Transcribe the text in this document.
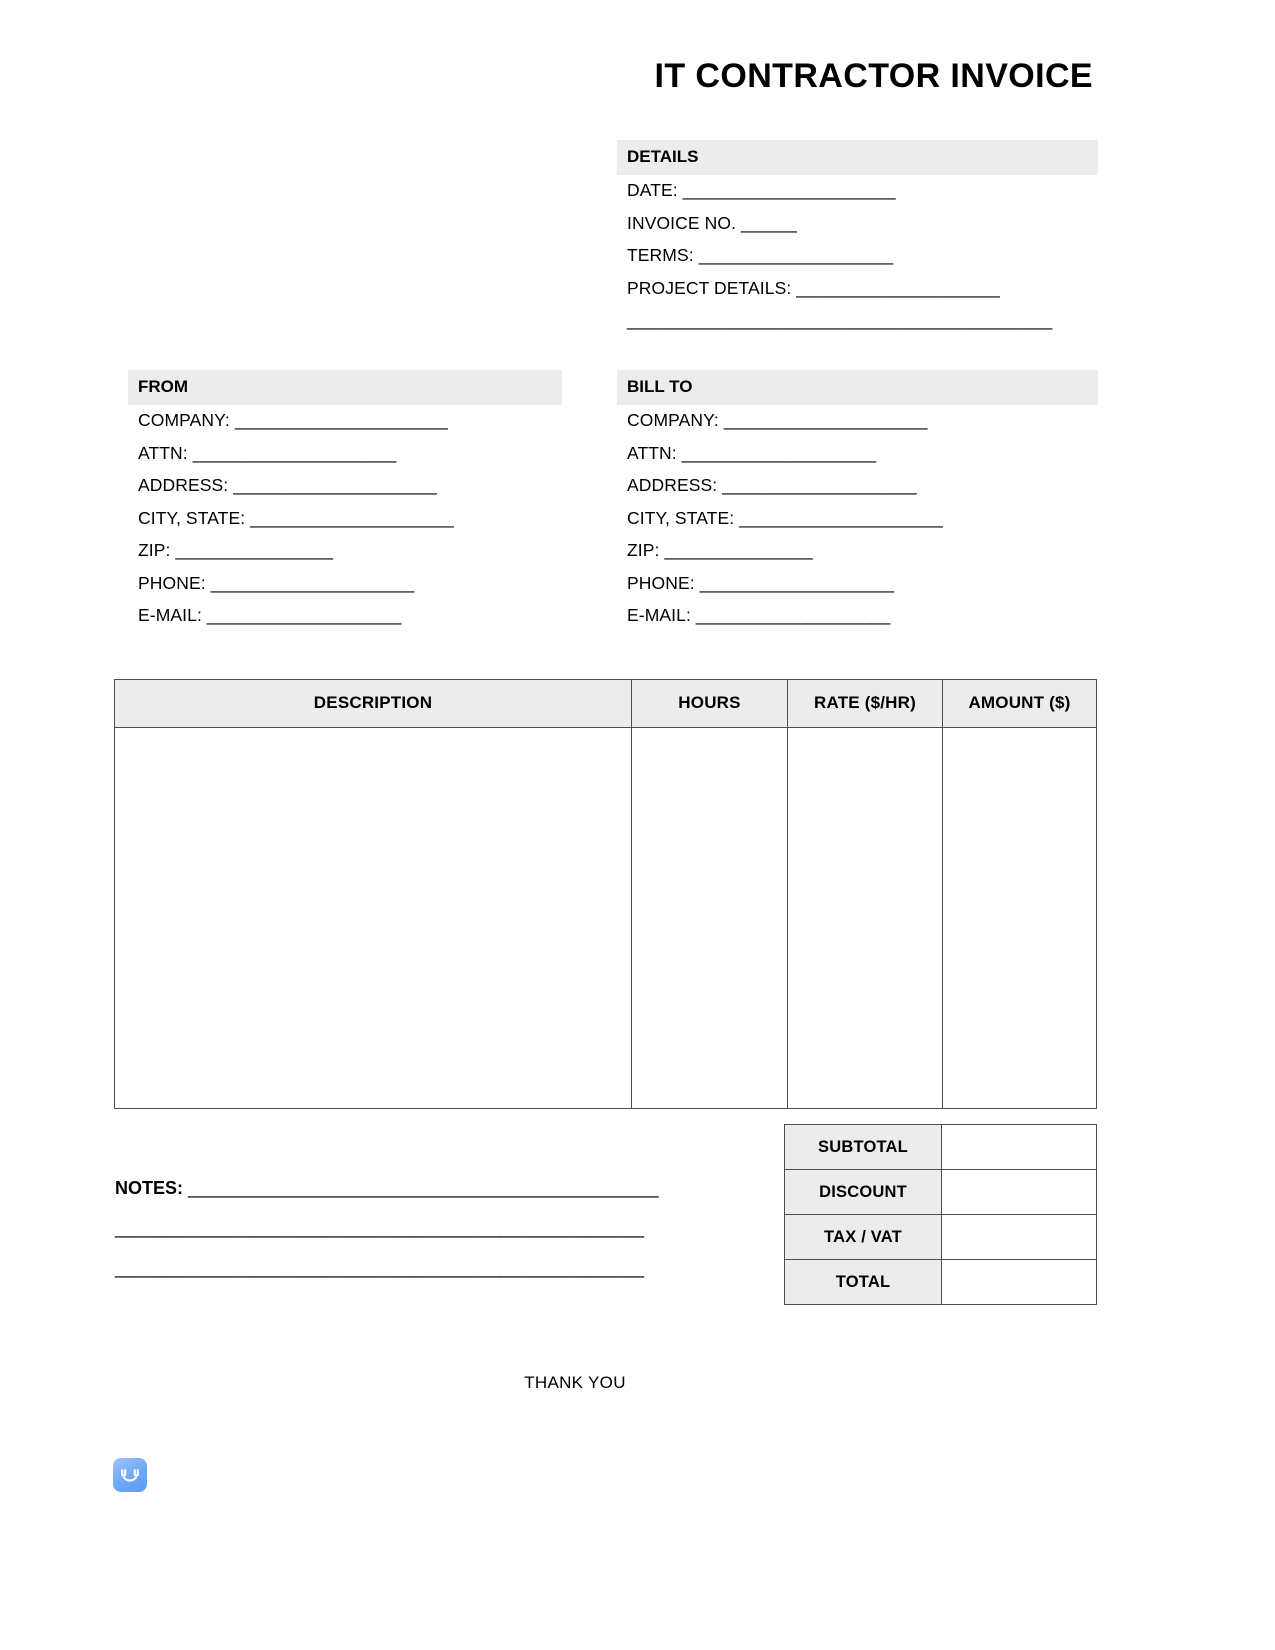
IT CONTRACTOR INVOICE
DETAILS
DATE: _______________________
INVOICE NO. ______
TERMS: _____________________
PROJECT DETAILS: ______________________
______________________________________________
FROM
COMPANY: _______________________
ATTN: ______________________
ADDRESS: ______________________
CITY, STATE: ______________________
ZIP: _________________
PHONE: ______________________
E-MAIL: _____________________
BILL TO
COMPANY: ______________________
ATTN: _____________________
ADDRESS: _____________________
CITY, STATE: ______________________
ZIP: ________________
PHONE: _____________________
E-MAIL: _____________________
DESCRIPTION	HOURS	RATE ($/HR)	AMOUNT ($)

SUBTOTAL	
DISCOUNT	
TAX / VAT	
TOTAL	
NOTES: _______________________________________________
_______________________________________________________
_______________________________________________________
THANK YOU
